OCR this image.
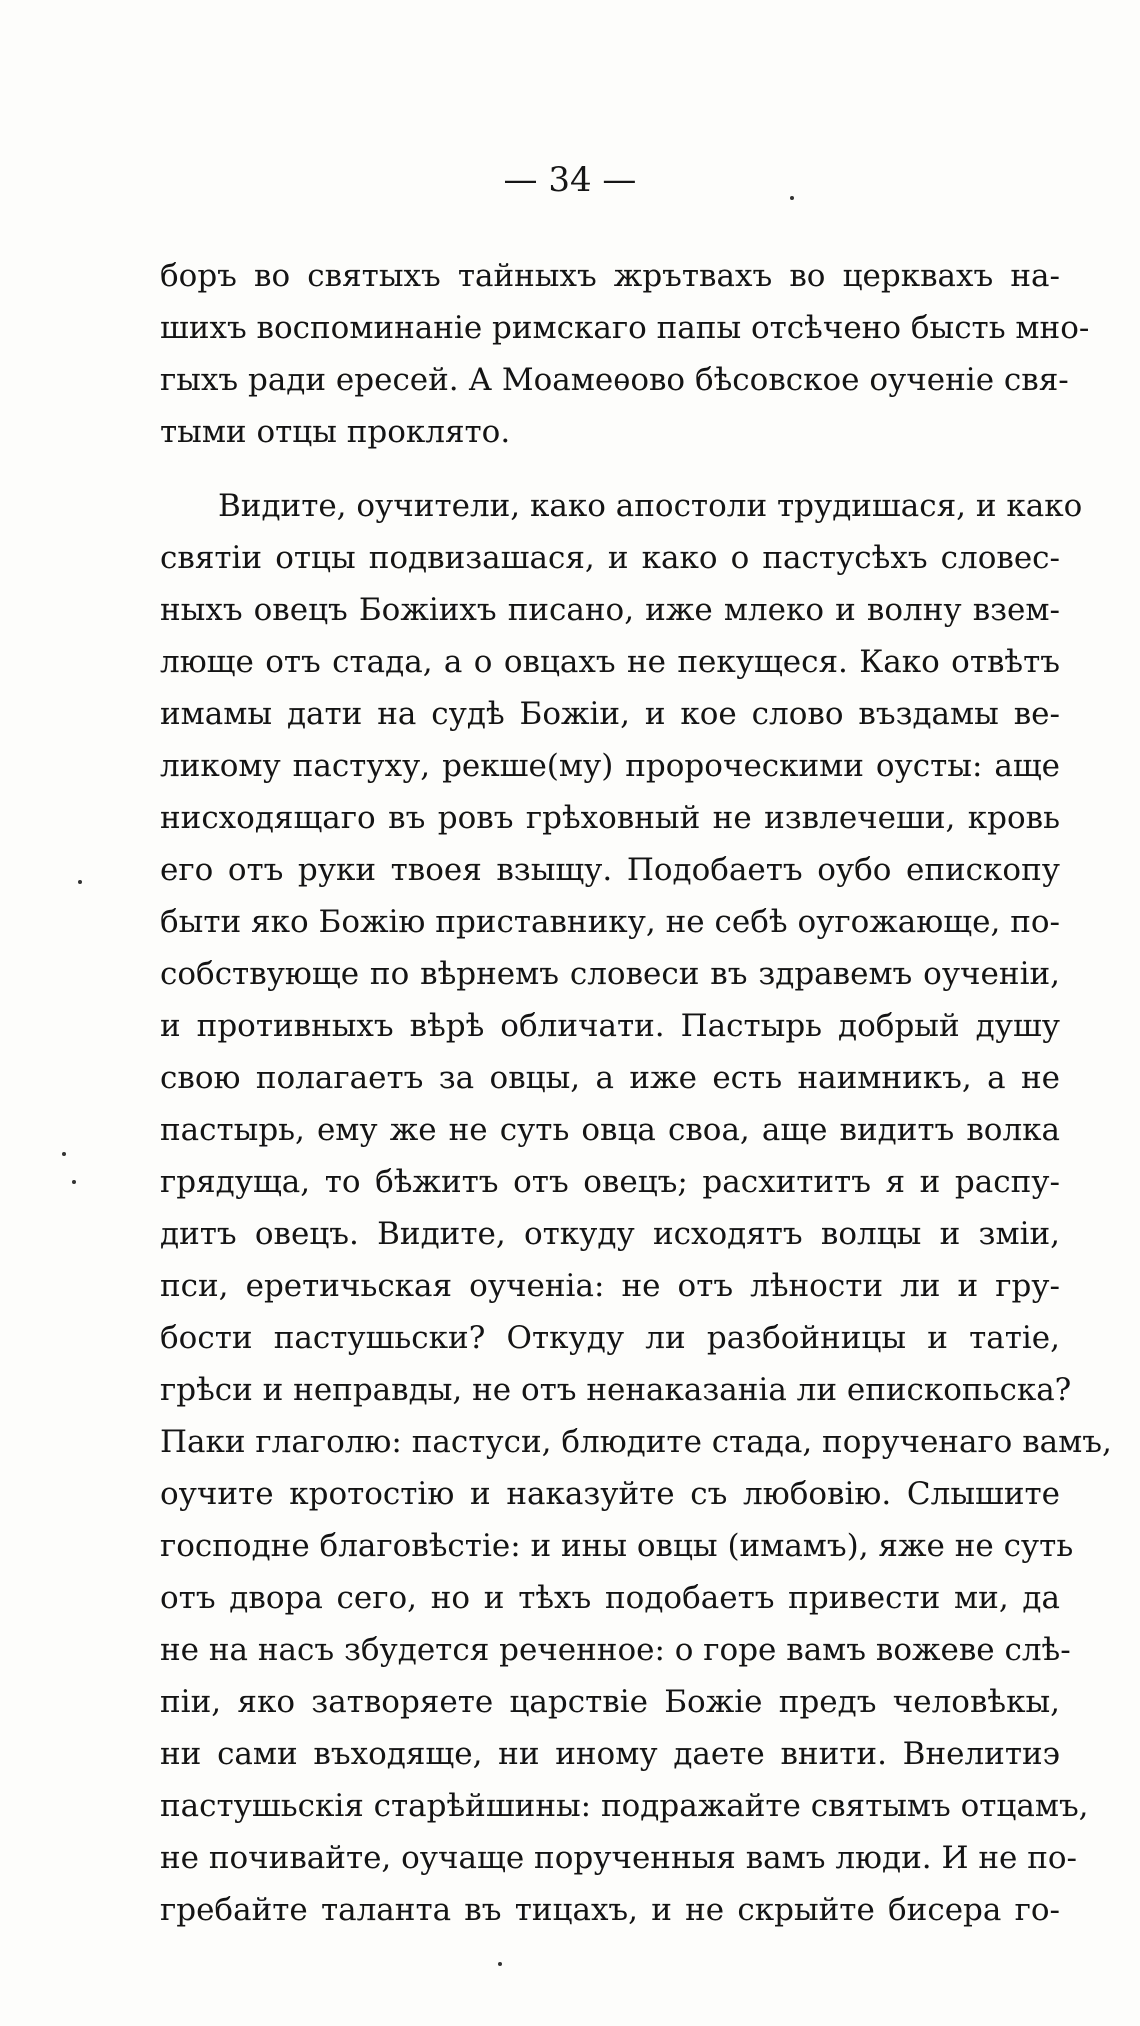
— 34 —
боръ во святыхъ тайныхъ жрътвахъ во церквахъ на-
шихъ воспоминаніе римскаго папы отсѣчено бысть мно-
гыхъ ради ересей. А Моамеѳово бѣсовское оученіе свя-
тыми отцы проклято.
Видите, оучители, како апостоли трудишася, и како
святіи отцы подвизашася, и како о пастусѣхъ словес-
ныхъ овецъ Божіихъ писано, иже млеко и волну взем-
люще отъ стада, а о овцахъ не пекущеся. Како отвѣтъ
имамы дати на судѣ Божіи, и кое слово въздамы ве-
ликому пастуху, рекше(му) пророческими оусты: аще
нисходящаго въ ровъ грѣховный не извлечеши, кровь
его отъ руки твоея взыщу. Подобаетъ оубо епископу
быти яко Божію приставнику, не себѣ оугожающе, по-
собствующе по вѣрнемъ словеси въ здравемъ оученіи,
и противныхъ вѣрѣ обличати. Пастырь добрый душу
свою полагаетъ за овцы, а иже есть наимникъ, а не
пастырь, ему же не суть овца своа, аще видитъ волка
грядуща, то бѣжитъ отъ овецъ; расхититъ я и распу-
дитъ овецъ. Видите, откуду исходятъ волцы и зміи,
пси, еретичьская оученіа: не отъ лѣности ли и гру-
бости пастушьски? Откуду ли разбойницы и татіе,
грѣси и неправды, не отъ ненаказаніа ли епископьска?
Паки глаголю: пастуси, блюдите стада, порученаго вамъ,
оучите кротостію и наказуйте съ любовію. Слышите
господне благовѣстіе: и ины овцы (имамъ), яже не суть
отъ двора сего, но и тѣхъ подобаетъ привести ми, да
не на насъ збудется реченное: о горе вамъ вожеве слѣ-
піи, яко затворяете царствіе Божіе предъ человѣкы,
ни сами въходяще, ни иному даете внити. Внелитиэ
пастушьскія старѣйшины: подражайте святымъ отцамъ,
не почивайте, оучаще порученныя вамъ люди. И не по-
гребайте таланта въ тицахъ, и не скрыйте бисера го-
